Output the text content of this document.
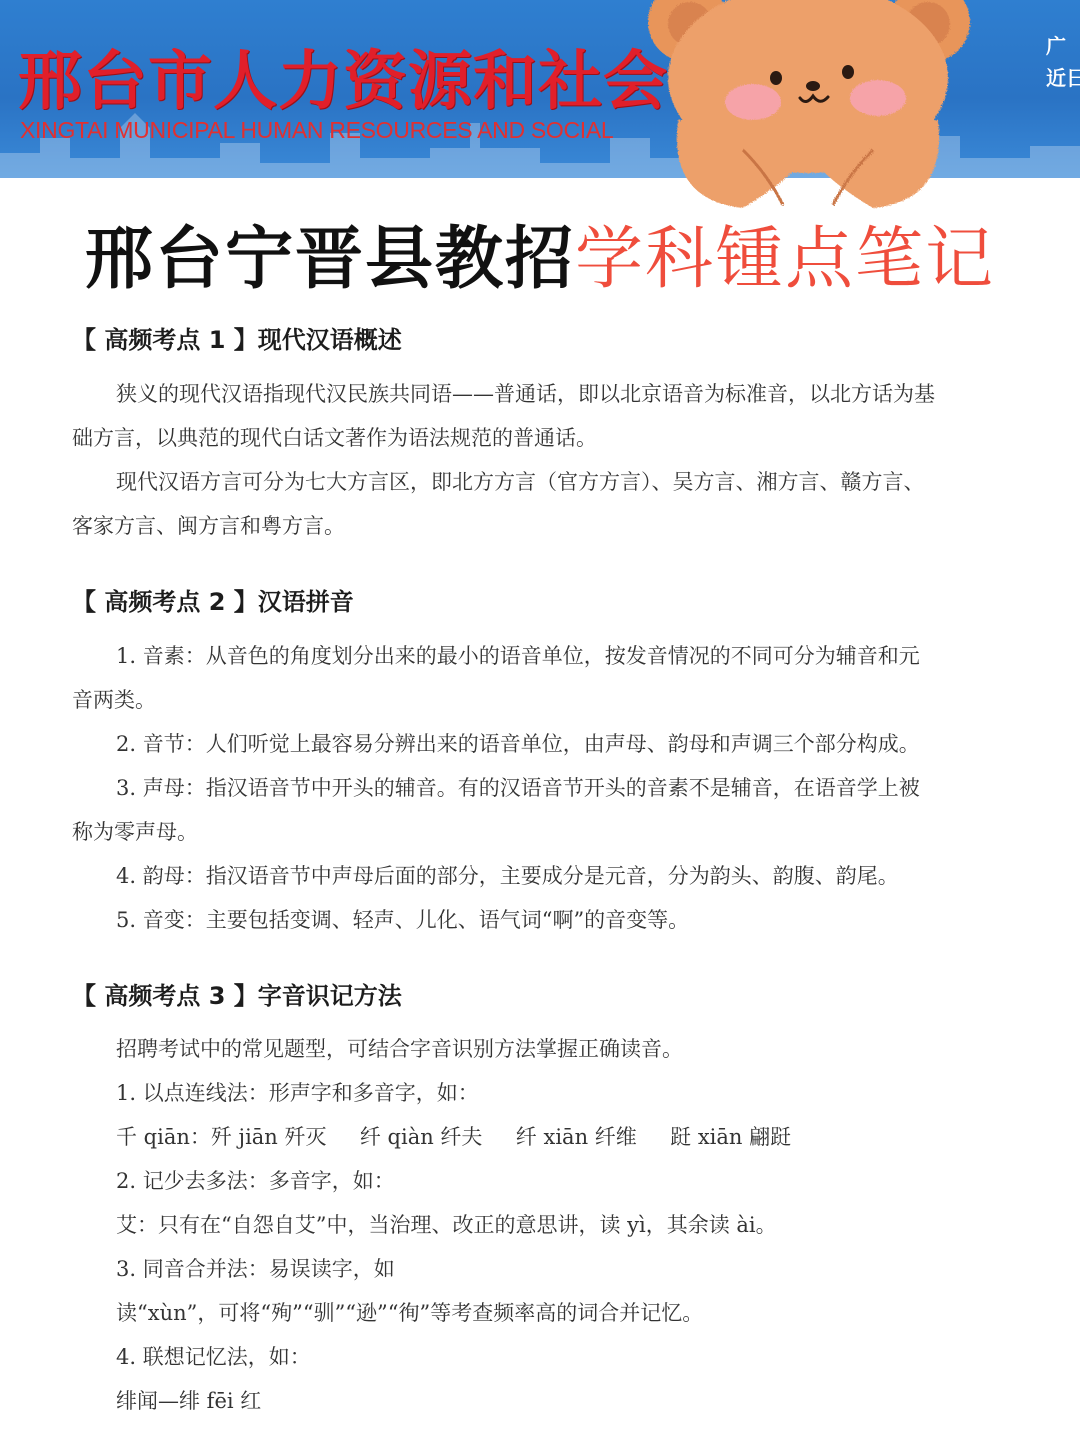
邢台市人力资源和社会
XINGTAI MUNICIPAL HUMAN RESOURCES AND SOCIAL
广
近日
邢台宁晋县教招学科锺点笔记
【 高频考点 1 】现代汉语概述
狭义的现代汉语指现代汉民族共同语——普通话，即以北京语音为标准音，以北方话为基
础方言，以典范的现代白话文著作为语法规范的普通话。
现代汉语方言可分为七大方言区，即北方方言（官方方言）、吴方言、湘方言、赣方言、
客家方言、闽方言和粤方言。
【 高频考点 2 】汉语拼音
1. 音素：从音色的角度划分出来的最小的语音单位，按发音情况的不同可分为辅音和元
音两类。
2. 音节：人们听觉上最容易分辨出来的语音单位，由声母、韵母和声调三个部分构成。
3. 声母：指汉语音节中开头的辅音。有的汉语音节开头的音素不是辅音，在语音学上被
称为零声母。
4. 韵母：指汉语音节中声母后面的部分，主要成分是元音，分为韵头、韵腹、韵尾。
5. 音变：主要包括变调、轻声、儿化、语气词“啊”的音变等。
【 高频考点 3 】字音识记方法
招聘考试中的常见题型，可结合字音识别方法掌握正确读音。
1. 以点连线法：形声字和多音字，如：
千 qiān：歼 jiān 歼灭     纤 qiàn 纤夫     纤 xiān 纤维     跹 xiān 翩跹
2. 记少去多法：多音字，如：
艾：只有在“自怨自艾”中，当治理、改正的意思讲，读 yì，其余读 ài。
3. 同音合并法：易误读字，如
读“xùn”，可将“殉”“驯”“逊”“徇”等考查频率高的词合并记忆。
4. 联想记忆法，如：
绯闻—绯 fēi 红
